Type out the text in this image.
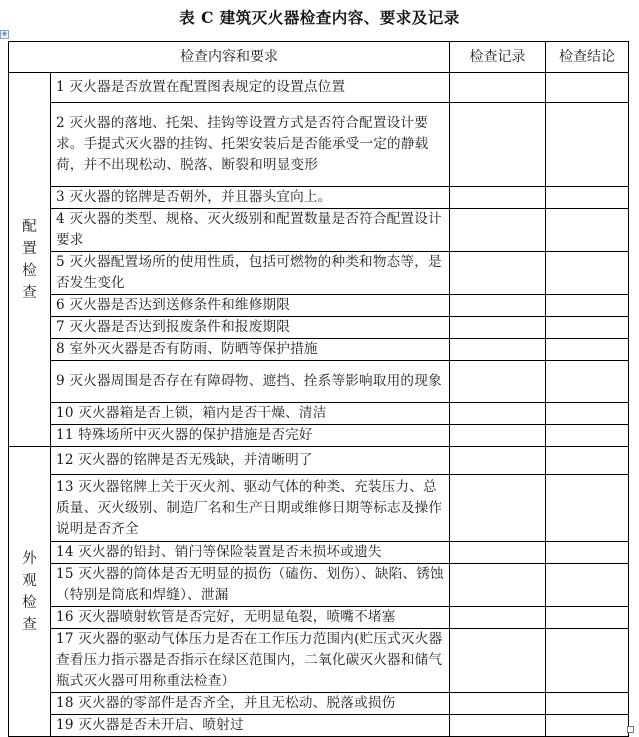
表 C 建筑灭火器检查内容、要求及记录
✥
检查内容和要求		检查记录	检查结论

配
置
检
查	1 灭火器是否放置在配置图表规定的设置点位置		
	2 灭火器的落地、托架、挂钩等设置方式是否符合配置设计要求。手提式灭火器的挂钩、托架安装后是否能承受一定的静载荷，并不出现松动、脱落、断裂和明显变形		
	3 灭火器的铭牌是否朝外，并且器头宜向上。		
	4 灭火器的类型、规格、灭火级别和配置数量是否符合配置设计要求		
	5 灭火器配置场所的使用性质，包括可燃物的种类和物态等，是否发生变化		
	6 灭火器是否达到送修条件和维修期限		
	7 灭火器是否达到报废条件和报废期限		
	8 室外灭火器是否有防雨、防晒等保护措施		
	9 灭火器周围是否存在有障碍物、遮挡、拴系等影响取用的现象		
	10 灭火器箱是否上锁，箱内是否干燥、清洁		
	11 特殊场所中灭火器的保护措施是否完好		

外
观
检
查	12 灭火器的铭牌是否无残缺，并清晰明了		
	13 灭火器铭牌上关于灭火剂、驱动气体的种类、充装压力、总质量、灭火级别、制造厂名和生产日期或维修日期等标志及操作说明是否齐全		
	14 灭火器的铅封、销闩等保险装置是否未损坏或遗失		
	15 灭火器的筒体是否无明显的损伤（磕伤、划伤）、缺陷、锈蚀（特别是筒底和焊缝）、泄漏		
	16 灭火器喷射软管是否完好，无明显龟裂，喷嘴不堵塞		
	17 灭火器的驱动气体压力是否在工作压力范围内(贮压式灭火器查看压力指示器是否指示在绿区范围内，二氧化碳灭火器和储气瓶式灭火器可用称重法检查）		
	18 灭火器的零部件是否齐全，并且无松动、脱落或损伤		
	19 灭火器是否未开启、喷射过		
